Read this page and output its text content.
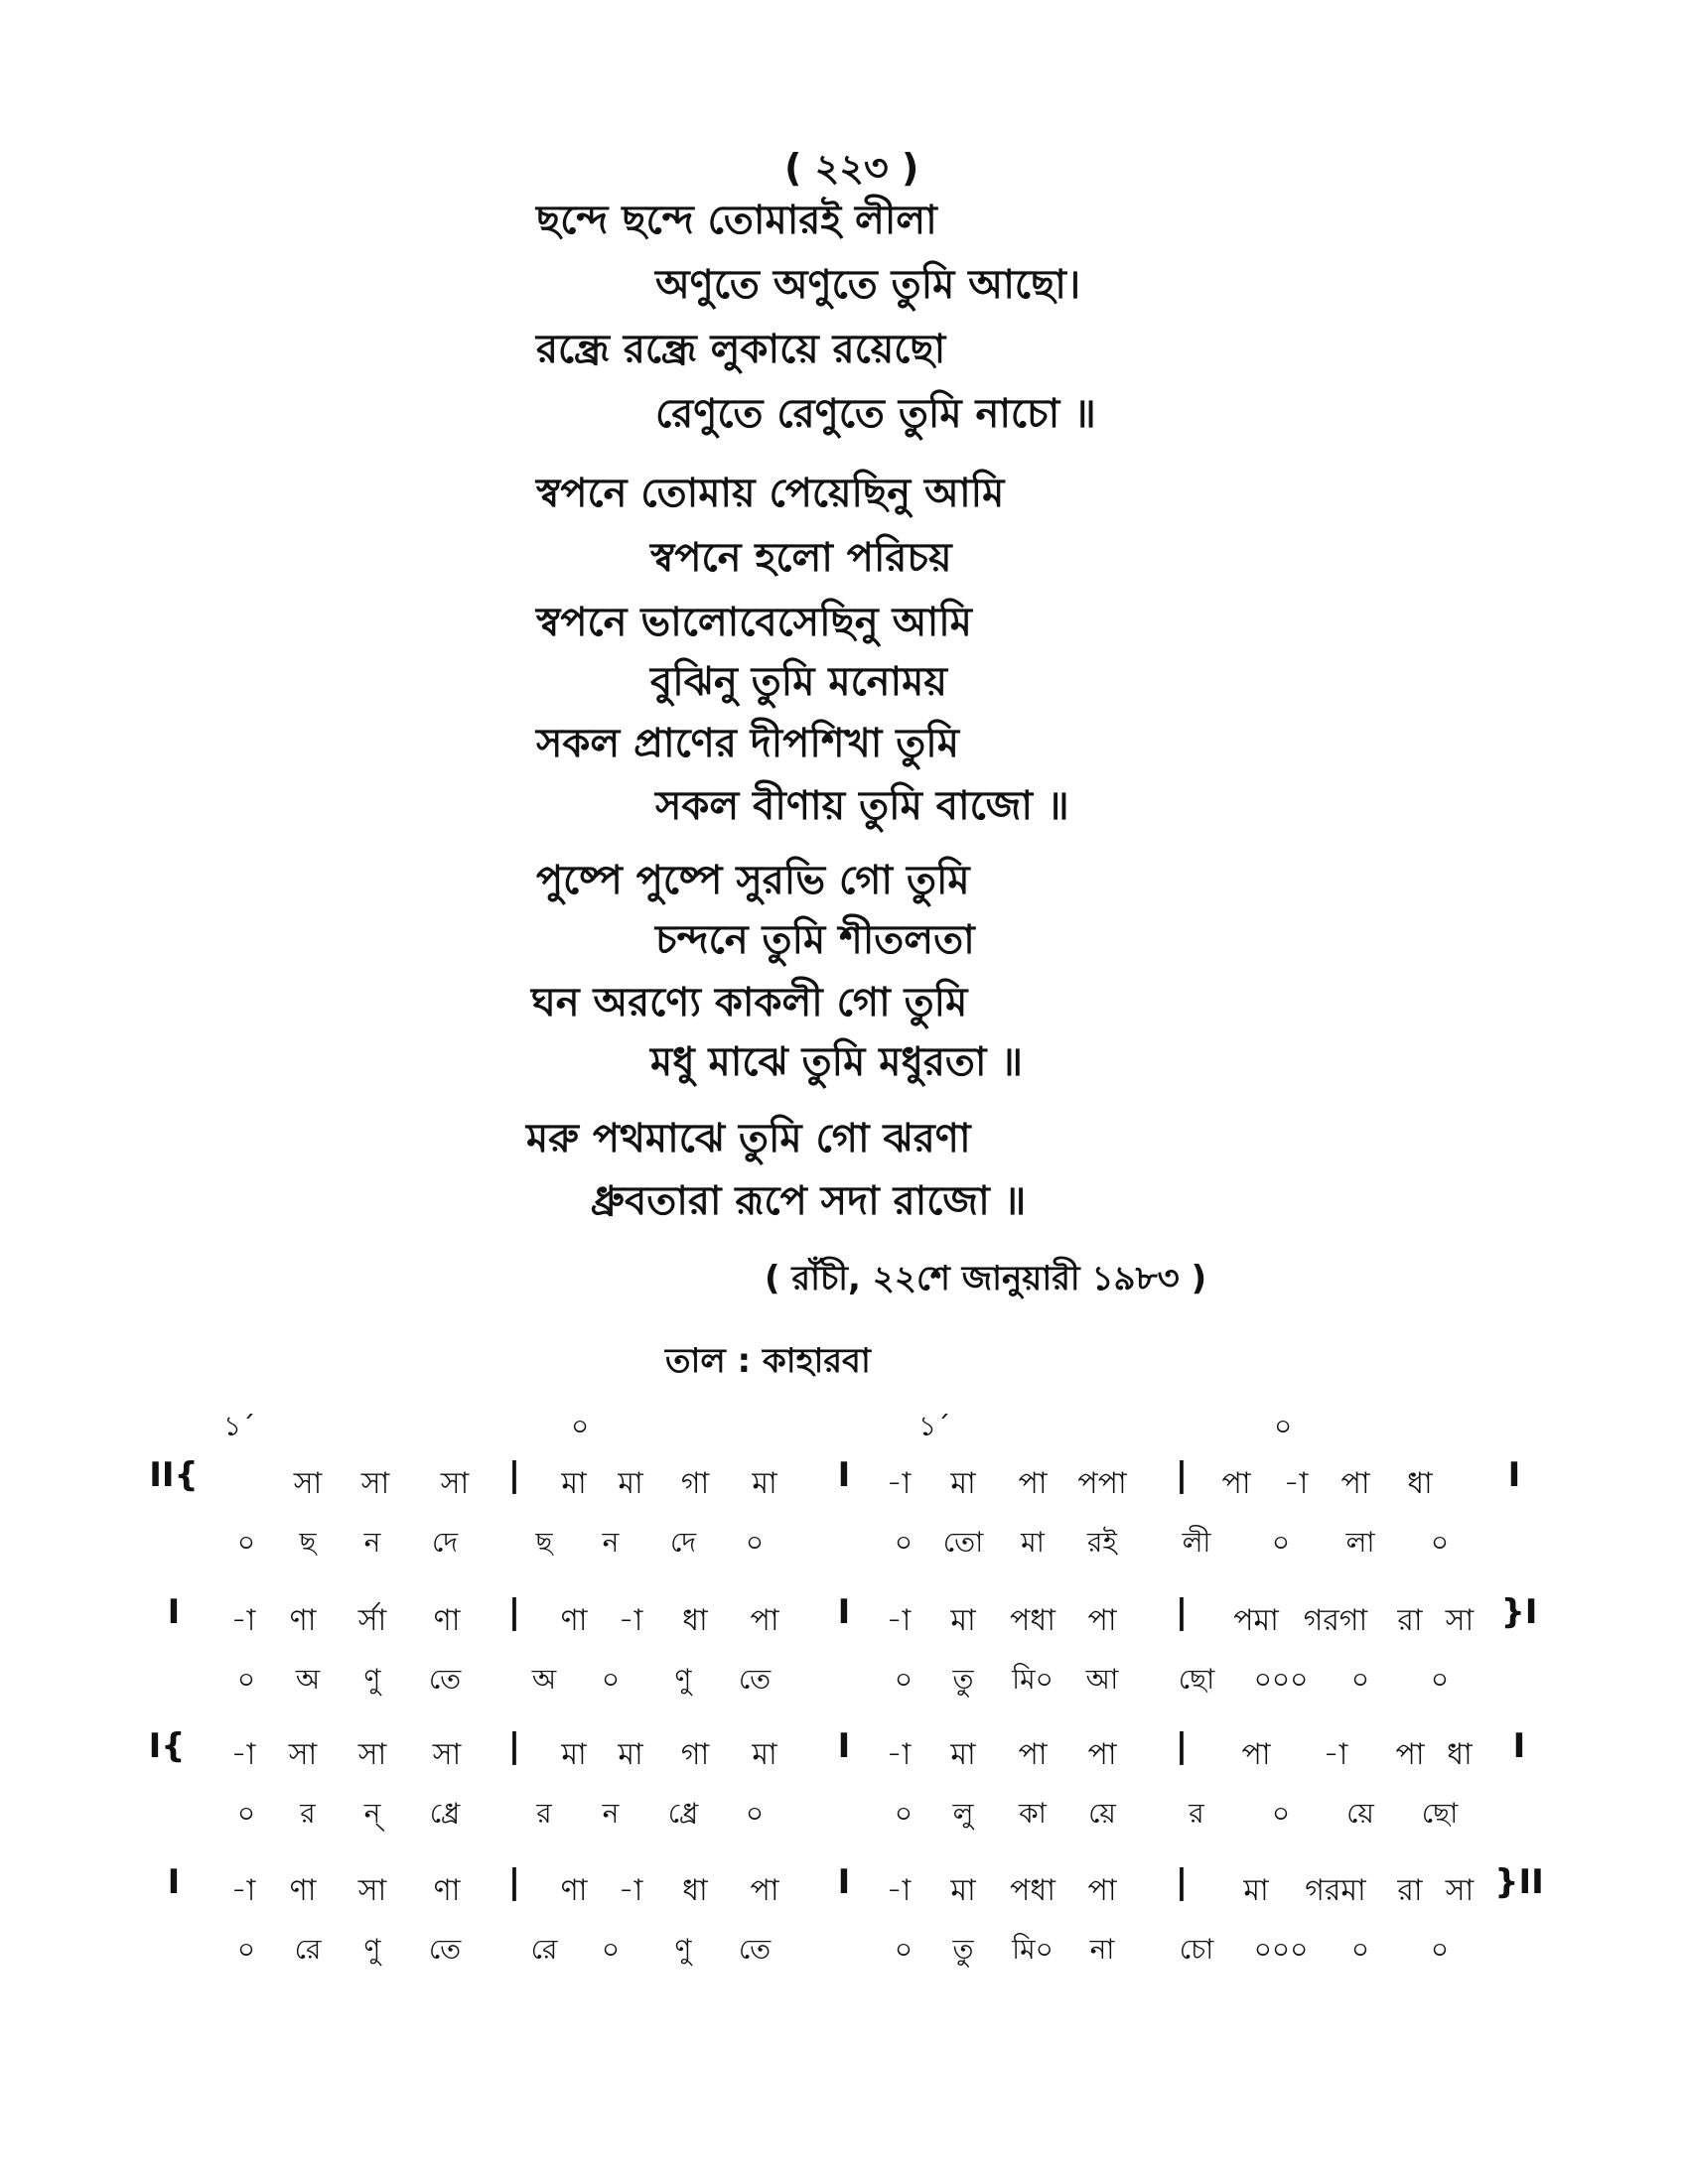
( ২২৩ )
ছন্দে ছন্দে তোমারই লীলা
অণুতে অণুতে তুমি আছো।
রন্ধ্রে রন্ধ্রে লুকায়ে রয়েছো
রেণুতে রেণুতে তুমি নাচো ॥
স্বপনে তোমায় পেয়েছিনু আমি
স্বপনে হলো পরিচয়
স্বপনে ভালোবেসেছিনু আমি
বুঝিনু তুমি মনোময়
সকল প্রাণের দীপশিখা তুমি
সকল বীণায় তুমি বাজো ॥
পুষ্পে পুষ্পে সুরভি গো তুমি
চন্দনে তুমি শীতলতা
ঘন অরণ্যে কাকলী গো তুমি
মধু মাঝে তুমি মধুরতা ॥
মরু পথমাঝে তুমি গো ঝরণা
ধ্রুবতারা রূপে সদা রাজো ॥
( রাঁচী, ২২শে জানুয়ারী ১৯৮৩ )
তাল : কাহারবা
১´	০	১´	০
II{	সা সা সা | মা মা গা মা I -া মা পা পপা | পা -া পা ধা I
০ ছ ন দে	ছ ন দে ০	০ তো মা রই লী ০ লা ০
I -া ণা র্সা ণা | ণা -া ধা পা I -া মা পধা পা | পমা গরগা রা সা }I
০ অ ণু তে	অ ০ ণু তে	০ তু মি০ আ ছো ০০০ ০ ০
I{ -া সা সা সা | মা মা গা মা I -া মা পা পা | পা -া পা ধা I
০ র ন্ ধ্রে	র ন ধ্রে ০	০ লু কা য়ে	র ০ য়ে ছো
I -া ণা সা ণা | ণা -া ধা পা I -া মা পধা পা | মা গরমা রা সা }II
০ রে ণু তে	রে ০ ণু তে	০ তু মি০ না চো ০০০ ০ ০
